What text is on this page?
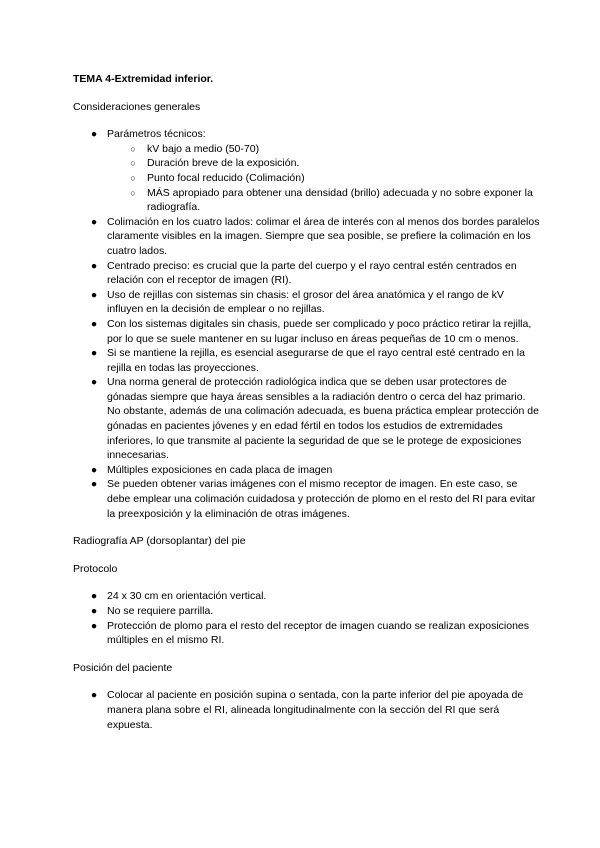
TEMA 4-Extremidad inferior.
Consideraciones generales
● Parámetros técnicos:
○ kV bajo a medio (50-70)
○ Duración breve de la exposición.
○ Punto focal reducido (Colimación)
○ MÁS apropiado para obtener una densidad (brillo) adecuada y no sobre exponer la radiografía.
● Colimación en los cuatro lados: colimar el área de interés con al menos dos bordes paralelos claramente visibles en la imagen. Siempre que sea posible, se prefiere la colimación en los cuatro lados.
● Centrado preciso: es crucial que la parte del cuerpo y el rayo central estén centrados en relación con el receptor de imagen (RI).
● Uso de rejillas con sistemas sin chasis: el grosor del área anatómica y el rango de kV influyen en la decisión de emplear o no rejillas.
● Con los sistemas digitales sin chasis, puede ser complicado y poco práctico retirar la rejilla, por lo que se suele mantener en su lugar incluso en áreas pequeñas de 10 cm o menos.
● Si se mantiene la rejilla, es esencial asegurarse de que el rayo central esté centrado en la rejilla en todas las proyecciones.
● Una norma general de protección radiológica indica que se deben usar protectores de gónadas siempre que haya áreas sensibles a la radiación dentro o cerca del haz primario. No obstante, además de una colimación adecuada, es buena práctica emplear protección de gónadas en pacientes jóvenes y en edad fértil en todos los estudios de extremidades inferiores, lo que transmite al paciente la seguridad de que se le protege de exposiciones innecesarias.
● Múltiples exposiciones en cada placa de imagen
● Se pueden obtener varias imágenes con el mismo receptor de imagen. En este caso, se debe emplear una colimación cuidadosa y protección de plomo en el resto del RI para evitar la preexposición y la eliminación de otras imágenes.
Radiografía AP (dorsoplantar) del pie
Protocolo
● 24 x 30 cm en orientación vertical.
● No se requiere parrilla.
● Protección de plomo para el resto del receptor de imagen cuando se realizan exposiciones múltiples en el mismo RI.
Posición del paciente
● Colocar al paciente en posición supina o sentada, con la parte inferior del pie apoyada de manera plana sobre el RI, alineada longitudinalmente con la sección del RI que será expuesta.
